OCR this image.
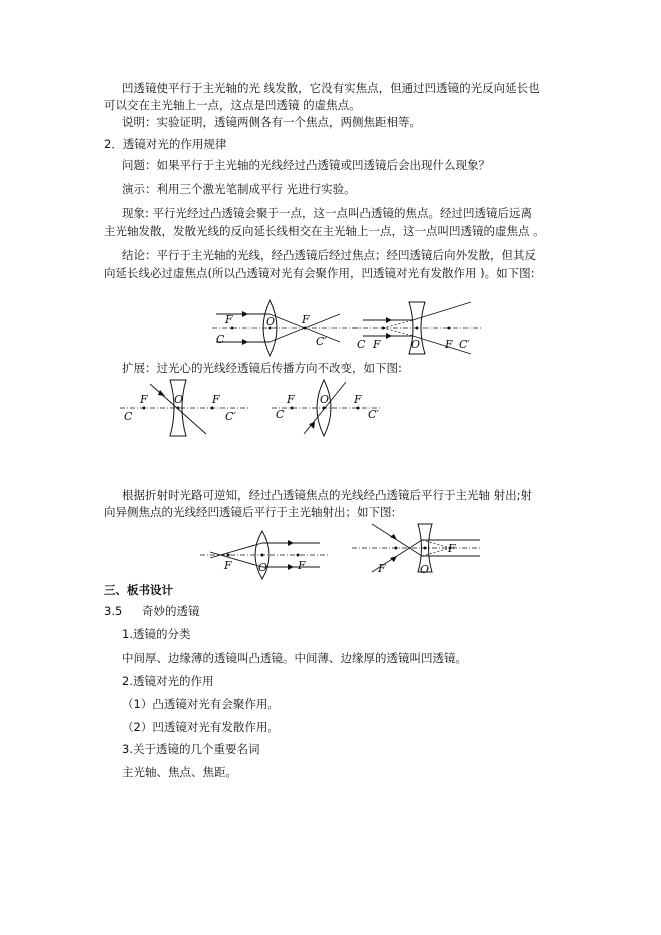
凹透镜使平行于主光轴的光 线发散，它没有实焦点，但通过凹透镜的光反向延长也
可以交在主光轴上一点，这点是凹透镜 的虚焦点。
说明：实验证明，透镜两侧各有一个焦点，两侧焦距相等。
2．透镜对光的作用规律
问题：如果平行于主光轴的光线经过凸透镜或凹透镜后会出现什么现象？
演示：利用三个激光笔制成平行 光进行实验。
现象: 平行光经过凸透镜会聚于一点，这一点叫凸透镜的焦点。经过凹透镜后远离
主光轴发散，发散光线的反向延长线相交在主光轴上一点，这一点叫凹透镜的虚焦点 。
结论：平行于主光轴的光线，经凸透镜后经过焦点；经凹透镜后向外发散，但其反
向延长线必过虚焦点(所以凸透镜对光有会聚作用，凹透镜对光有发散作用 )。如下图:
F
C
O F
C′	C F	O F C′
扩展：过光心的光线经透镜后传播方向不改变，如下图:
F
C
O	F
C′
F
C
O F
C′
根据折射时光路可逆知，经过凸透镜焦点的光线经凸透镜后平行于主光轴 射出;射
向异侧焦点的光线经凹透镜后平行于主光轴射出；如下图:
F O	F	F	O
F
三、板书设计
3.5 奇妙的透镜
1.透镜的分类
中间厚、边缘薄的透镜叫凸透镜。中间薄、边缘厚的透镜叫凹透镜。
2.透镜对光的作用
（1）凸透镜对光有会聚作用。
（2）凹透镜对光有发散作用。
3.关于透镜的几个重要名词
主光轴、焦点、焦距。
